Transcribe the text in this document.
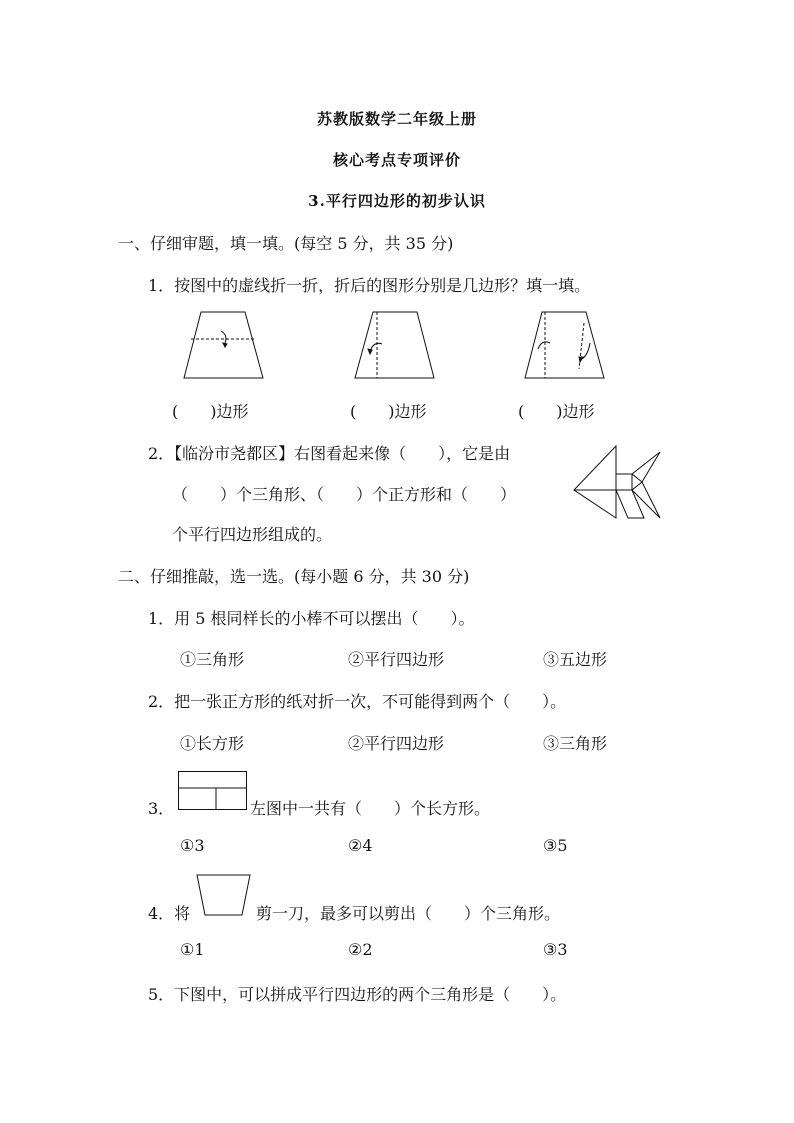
苏教版数学二年级上册
核心考点专项评价
3.平行四边形的初步认识
一、仔细审题，填一填。(每空 5 分，共 35 分)
1．按图中的虚线折一折，折后的图形分别是几边形？填一填。
(　　)边形	(　　)边形	(　　)边形
2．【临汾市尧都区】右图看起来像（　　），它是由
（　　）个三角形、（　　）个正方形和（　　）
个平行四边形组成的。
二、仔细推敲，选一选。(每小题 6 分，共 30 分)
1．用 5 根同样长的小棒不可以摆出（　　）。
①三角形	②平行四边形	③五边形
2．把一张正方形的纸对折一次，不可能得到两个（　　）。
①长方形	②平行四边形	③三角形
3．	左图中一共有（　　）个长方形。
①3	②4	③5
4．将	剪一刀，最多可以剪出（　　）个三角形。
①1	②2	③3
5．下图中，可以拼成平行四边形的两个三角形是（　　）。
